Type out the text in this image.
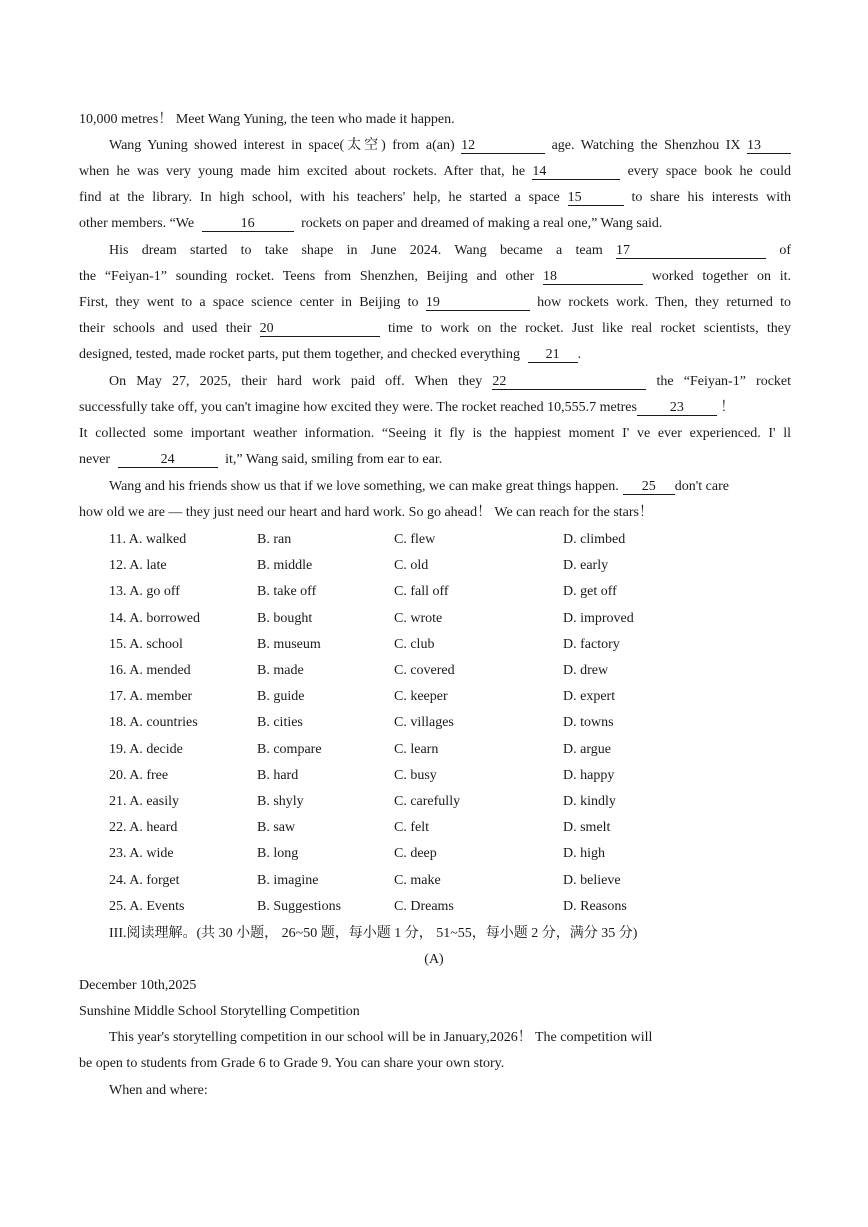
10,000 metres！ Meet Wang Yuning, the teen who made it happen.
Wang Yuning showed interest in space(太空) from a(an) 12	age. Watching the Shenzhou IX 13
when he was very young made him excited about rockets. After that, he 14	every space book he could
find at the library. In high school, with his teachers' help, he started a space 15	to share his interests with
other members. “We	16	rockets on paper and dreamed of making a real one,” Wang said.
His dream started to take shape in June 2024. Wang became a team 17	of
the “Feiyan-1” sounding rocket. Teens from Shenzhen, Beijing and other 18	worked together on it.
First, they went to a space science center in Beijing to 19	how rockets work. Then, they returned to
their schools and used their 20	time to work on the rocket. Just like real rocket scientists, they
designed, tested, made rocket parts, put them together, and checked everything 21 .
On May 27, 2025, their hard work paid off. When they 22	the “Feiyan-1” rocket
successfully take off, you can't imagine how excited they were. The rocket reached 10,555.7 metres 23	！
It collected some important weather information. “Seeing it fly is the happiest moment I' ve ever experienced. I' ll
never	24	it,” Wang said, smiling from ear to ear.
Wang and his friends show us that if we love something, we can make great things happen. 25 don't care
how old we are — they just need our heart and hard work. So go ahead！ We can reach for the stars！
11. A. walked	B. ran	C. flew	D. climbed
12. A. late	B. middle	C. old	D. early
13. A. go off	B. take off	C. fall off	D. get off
14. A. borrowed	B. bought	C. wrote	D. improved
15. A. school	B. museum	C. club	D. factory
16. A. mended	B. made	C. covered	D. drew
17. A. member	B. guide	C. keeper	D. expert
18. A. countries	B. cities	C. villages	D. towns
19. A. decide	B. compare	C. learn	D. argue
20. A. free	B. hard	C. busy	D. happy
21. A. easily	B. shyly	C. carefully	D. kindly
22. A. heard	B. saw	C. felt	D. smelt
23. A. wide	B. long	C. deep	D. high
24. A. forget	B. imagine	C. make	D. believe
25. A. Events	B. Suggestions	C. Dreams	D. Reasons
III.阅读理解。(共 30 小题， 26~50 题，每小题 1 分， 51~55，每小题 2 分，满分 35 分)
(A)
December 10th,2025
Sunshine Middle School Storytelling Competition
This year's storytelling competition in our school will be in January,2026！ The competition will
be open to students from Grade 6 to Grade 9. You can share your own story.
When and where:
